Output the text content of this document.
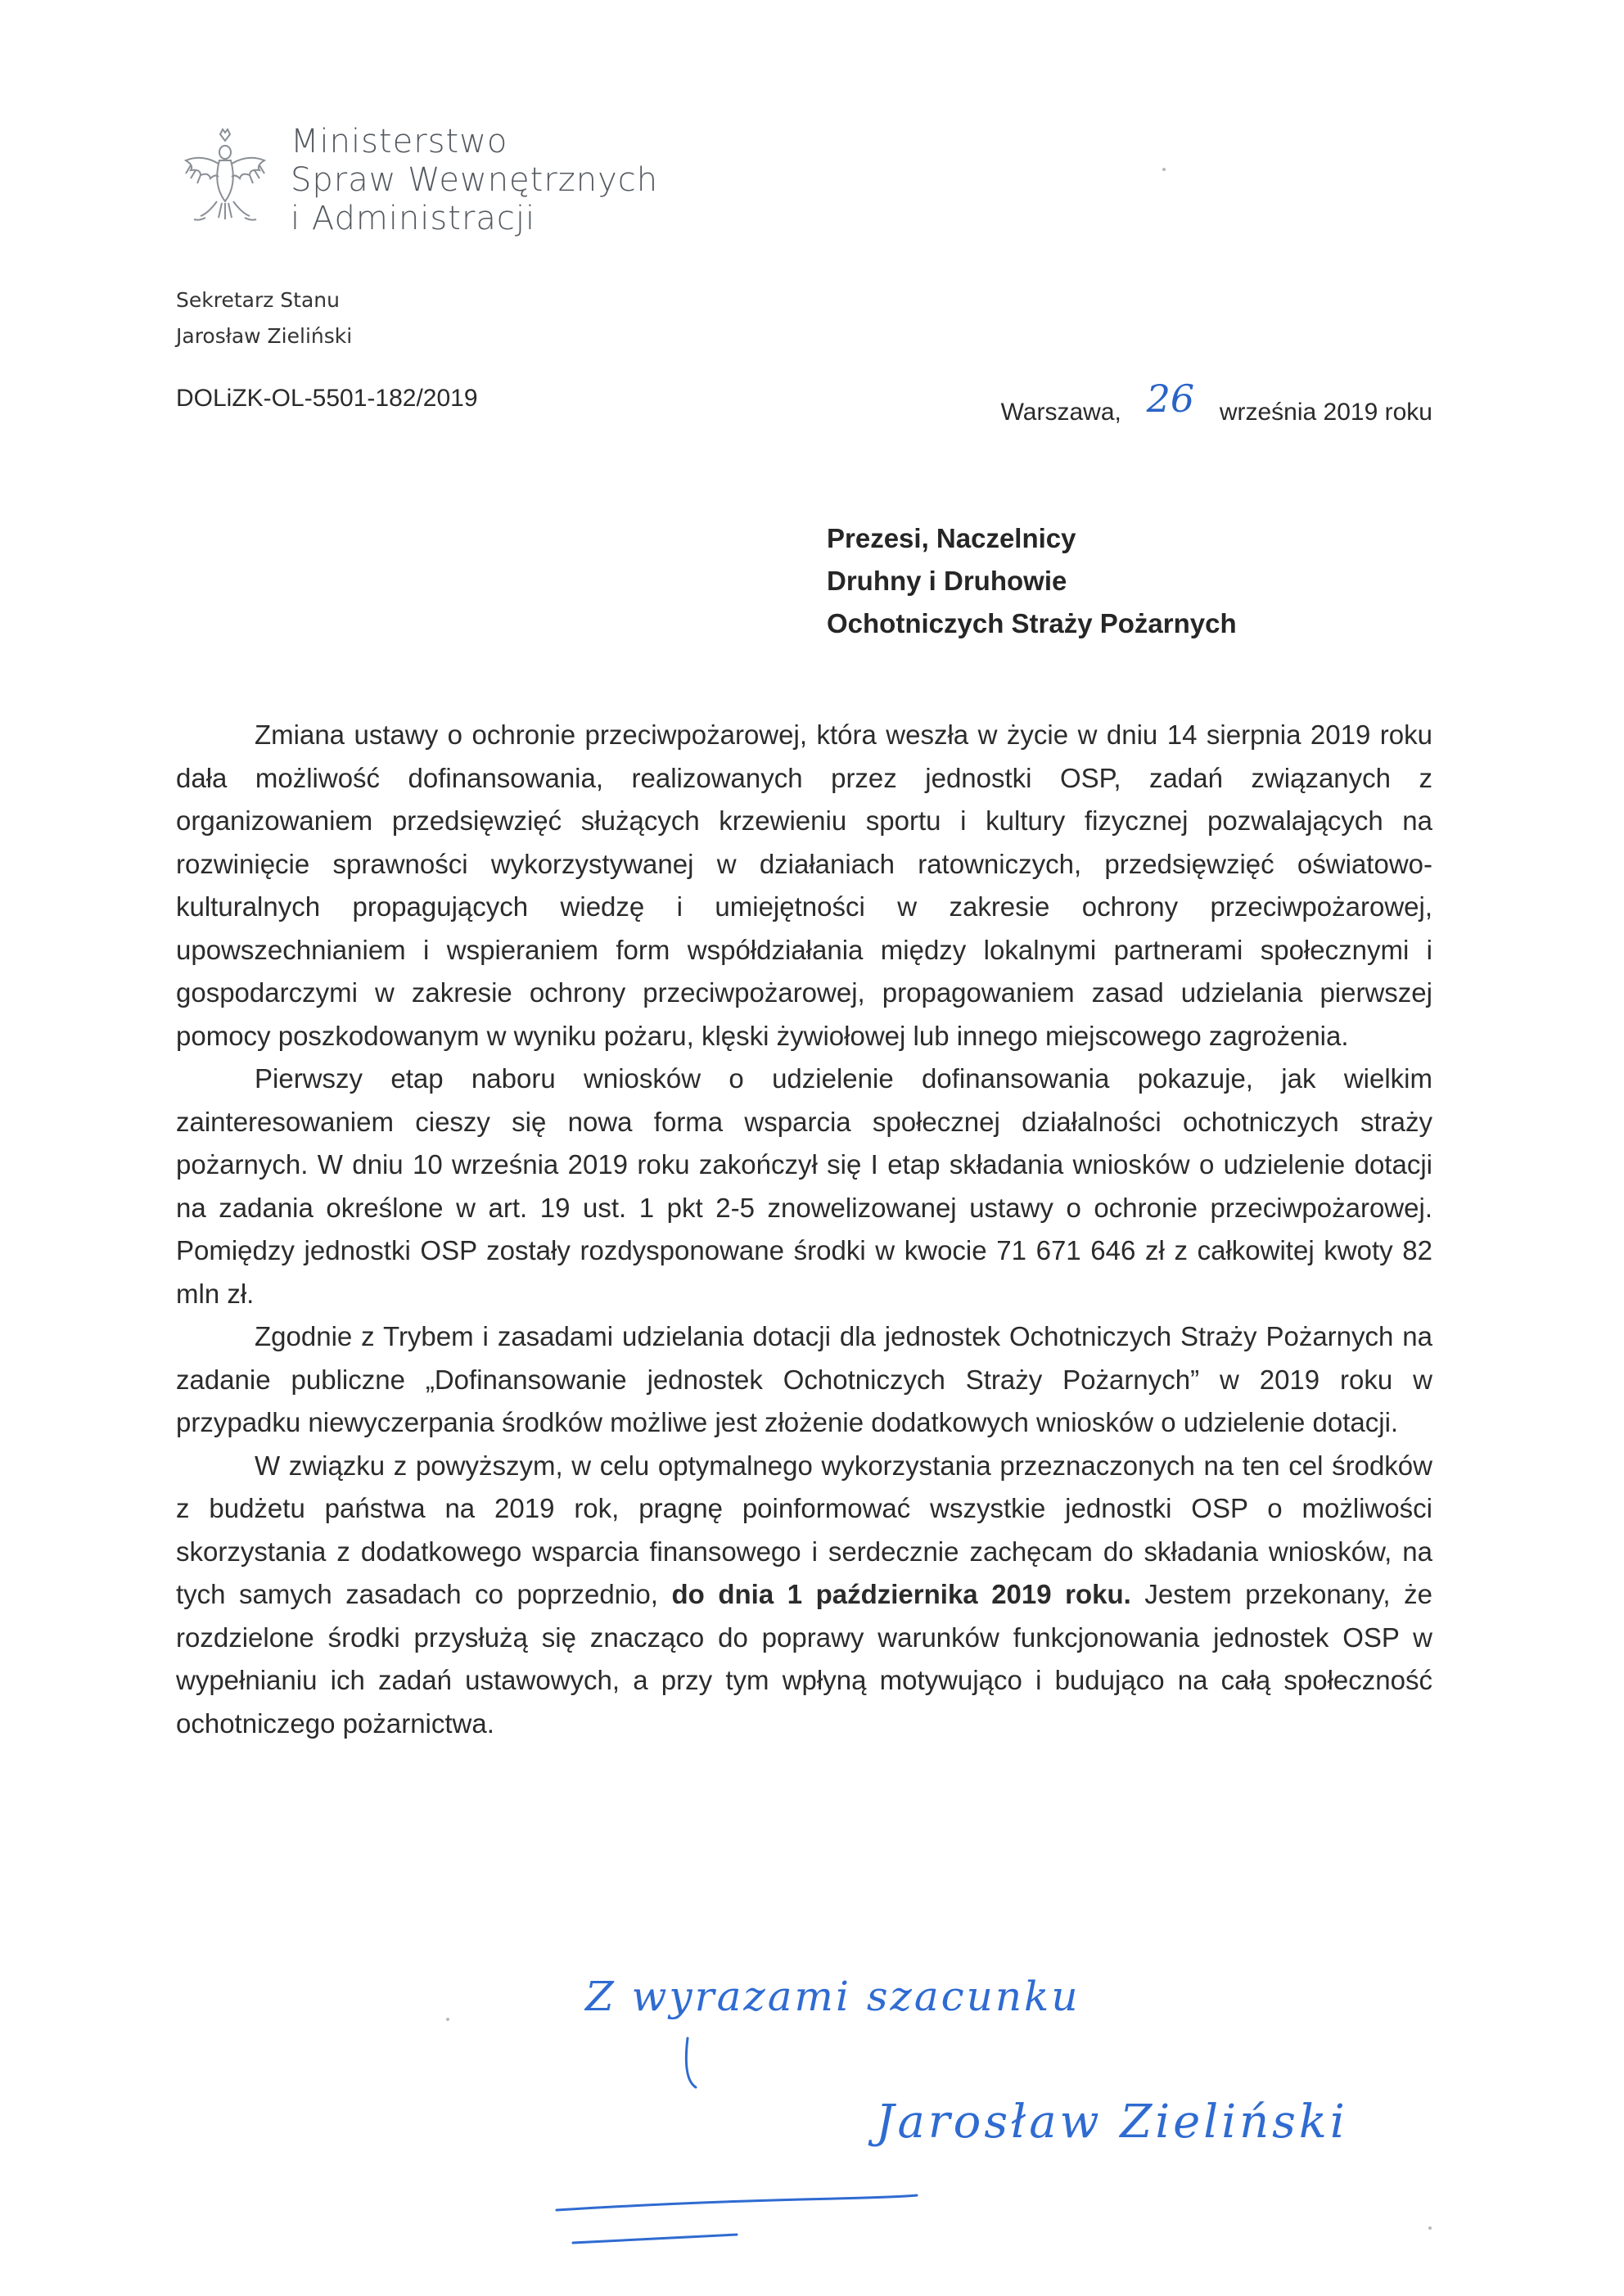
Ministerstwo
Spraw Wewnętrznych
i Administracji
Sekretarz Stanu
Jarosław Zieliński
DOLiZK-OL-5501-182/2019
Warszawa, 26 września 2019 roku
Prezesi, Naczelnicy
Druhny i Druhowie
Ochotniczych Straży Pożarnych

Zmiana ustawy o ochronie przeciwpożarowej, która weszła w życie w dniu 14 sierpnia 2019 roku dała możliwość dofinansowania, realizowanych przez jednostki OSP, zadań związanych z organizowaniem przedsięwzięć służących krzewieniu sportu i kultury fizycznej pozwalających na rozwinięcie sprawności wykorzystywanej w działaniach ratowniczych, przedsięwzięć oświatowo-kulturalnych propagujących wiedzę i umiejętności w zakresie ochrony przeciwpożarowej, upowszechnianiem i wspieraniem form współdziałania między lokalnymi partnerami społecznymi i gospodarczymi w zakresie ochrony przeciwpożarowej, propagowaniem zasad udzielania pierwszej pomocy poszkodowanym w wyniku pożaru, klęski żywiołowej lub innego miejscowego zagrożenia.

Pierwszy etap naboru wniosków o udzielenie dofinansowania pokazuje, jak wielkim zainteresowaniem cieszy się nowa forma wsparcia społecznej działalności ochotniczych straży pożarnych. W dniu 10 września 2019 roku zakończył się I etap składania wniosków o udzielenie dotacji na zadania określone w art. 19 ust. 1 pkt 2-5 znowelizowanej ustawy o ochronie przeciwpożarowej. Pomiędzy jednostki OSP zostały rozdysponowane środki w kwocie 71 671 646 zł z całkowitej kwoty 82 mln zł.

Zgodnie z Trybem i zasadami udzielania dotacji dla jednostek Ochotniczych Straży Pożarnych na zadanie publiczne „Dofinansowanie jednostek Ochotniczych Straży Pożarnych” w 2019 roku w przypadku niewyczerpania środków możliwe jest złożenie dodatkowych wniosków o udzielenie dotacji.

W związku z powyższym, w celu optymalnego wykorzystania przeznaczonych na ten cel środków z budżetu państwa na 2019 rok, pragnę poinformować wszystkie jednostki OSP o możliwości skorzystania z dodatkowego wsparcia finansowego i serdecznie zachęcam do składania wniosków, na tych samych zasadach co poprzednio, do dnia 1 października 2019 roku. Jestem przekonany, że rozdzielone środki przysłużą się znacząco do poprawy warunków funkcjonowania jednostek OSP w wypełnianiu ich zadań ustawowych, a przy tym wpłyną motywująco i budująco na całą społeczność ochotniczego pożarnictwa.

Z wyrazami szacunku
Jarosław Zieliński
